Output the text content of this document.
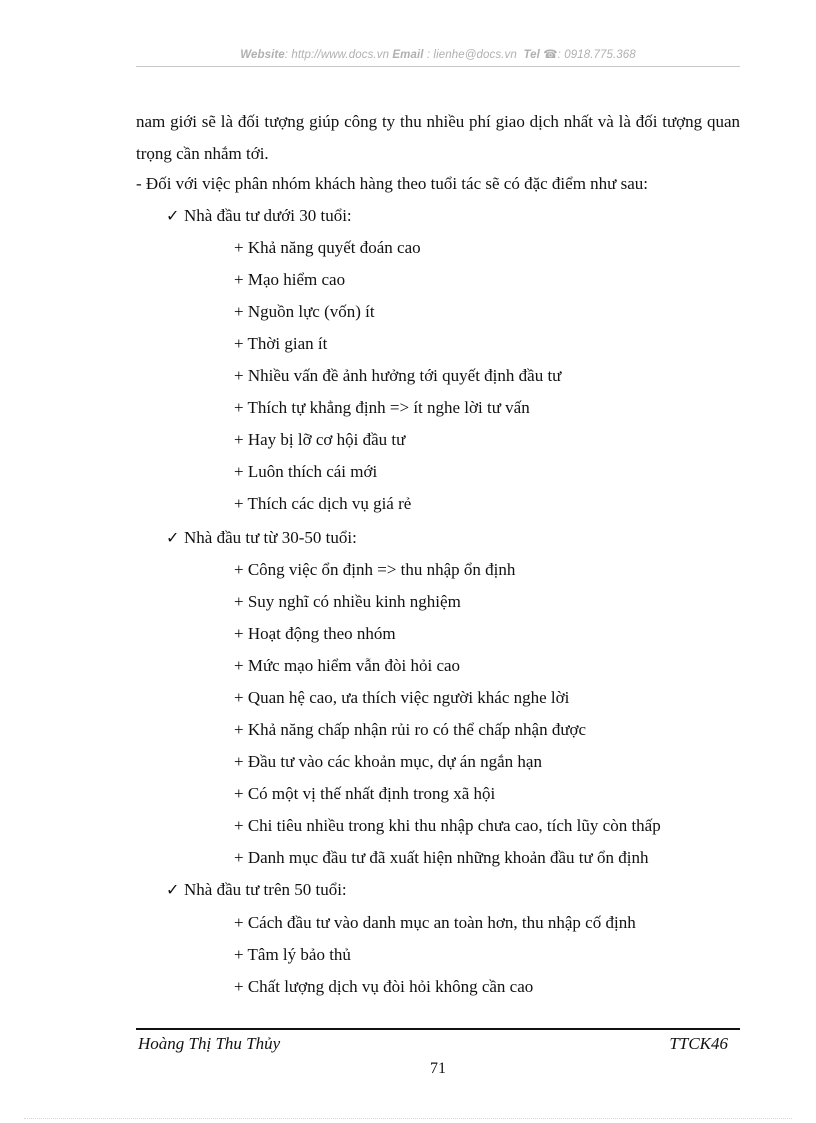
Website: http://www.docs.vn Email : lienhe@docs.vn Tel ☎: 0918.775.368
nam giới sẽ là đối tượng giúp công ty thu nhiều phí giao dịch nhất và là đối tượng quan trọng cần nhắm tới.
- Đối với việc phân nhóm khách hàng theo tuổi tác sẽ có đặc điểm như sau:
✓ Nhà đầu tư dưới 30 tuổi:
+ Khả năng quyết đoán cao
+ Mạo hiểm cao
+ Nguồn lực (vốn) ít
+ Thời gian ít
+ Nhiều vấn đề ảnh hưởng tới quyết định đầu tư
+ Thích tự khẳng định => ít nghe lời tư vấn
+ Hay bị lỡ cơ hội đầu tư
+ Luôn thích cái mới
+ Thích các dịch vụ giá rẻ
✓ Nhà đầu tư từ 30-50 tuổi:
+ Công việc ổn định => thu nhập ổn định
+ Suy nghĩ có nhiều kinh nghiệm
+ Hoạt động theo nhóm
+ Mức mạo hiểm vẫn đòi hỏi cao
+ Quan hệ cao, ưa thích việc người khác nghe lời
+ Khả năng chấp nhận rủi ro có thể chấp nhận được
+ Đầu tư vào các khoản mục, dự án ngắn hạn
+ Có một vị thế nhất định trong xã hội
+ Chi tiêu nhiều trong khi thu nhập chưa cao, tích lũy còn thấp
+ Danh mục đầu tư đã xuất hiện những khoản đầu tư ổn định
✓ Nhà đầu tư trên 50 tuổi:
+ Cách đầu tư vào danh mục an toàn hơn, thu nhập cố định
+ Tâm lý bảo thủ
+ Chất lượng dịch vụ đòi hỏi không cần cao
Hoàng Thị Thu Thủy	TTCK46
71
